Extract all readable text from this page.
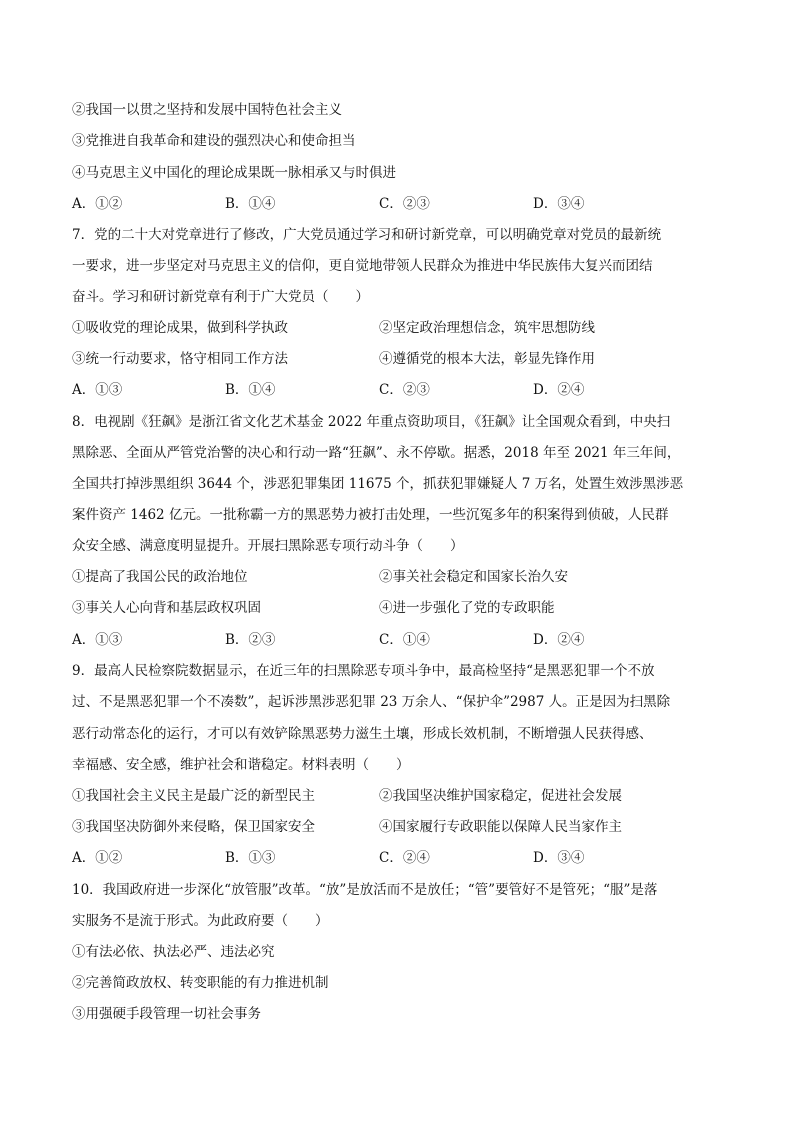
②我国一以贯之坚持和发展中国特色社会主义
③党推进自我革命和建设的强烈决心和使命担当
④马克思主义中国化的理论成果既一脉相承又与时俱进
A．①②	B．①④	C．②③	D．③④
7．党的二十大对党章进行了修改，广大党员通过学习和研讨新党章，可以明确党章对党员的最新统
一要求，进一步坚定对马克思主义的信仰，更自觉地带领人民群众为推进中华民族伟大复兴而团结
奋斗。学习和研讨新党章有利于广大党员（　　）
①吸收党的理论成果，做到科学执政	②坚定政治理想信念，筑牢思想防线
③统一行动要求，恪守相同工作方法	④遵循党的根本大法，彰显先锋作用
A．①③	B．①④	C．②③	D．②④
8．电视剧《狂飙》是浙江省文化艺术基金 2022 年重点资助项目，《狂飙》让全国观众看到，中央扫
黑除恶、全面从严管党治警的决心和行动一路“狂飙”、永不停歇。据悉，2018 年至 2021 年三年间，
全国共打掉涉黑组织 3644 个，涉恶犯罪集团 11675 个，抓获犯罪嫌疑人 7 万名，处置生效涉黑涉恶
案件资产 1462 亿元。一批称霸一方的黑恶势力被打击处理，一些沉冤多年的积案得到侦破，人民群
众安全感、满意度明显提升。开展扫黑除恶专项行动斗争（　　）
①提高了我国公民的政治地位	②事关社会稳定和国家长治久安
③事关人心向背和基层政权巩固	④进一步强化了党的专政职能
A．①③	B．②③	C．①④	D．②④
9．最高人民检察院数据显示，在近三年的扫黑除恶专项斗争中，最高检坚持“是黑恶犯罪一个不放
过、不是黑恶犯罪一个不凑数”，起诉涉黑涉恶犯罪 23 万余人、“保护伞”2987 人。正是因为扫黑除
恶行动常态化的运行，才可以有效铲除黑恶势力滋生土壤，形成长效机制，不断增强人民获得感、
幸福感、安全感，维护社会和谐稳定。材料表明（　　）
①我国社会主义民主是最广泛的新型民主	②我国坚决维护国家稳定，促进社会发展
③我国坚决防御外来侵略，保卫国家安全	④国家履行专政职能以保障人民当家作主
A．①②	B．①③	C．②④	D．③④
10．我国政府进一步深化“放管服”改革。“放”是放活而不是放任；“管”要管好不是管死；“服”是落
实服务不是流于形式。为此政府要（　　）
①有法必依、执法必严、违法必究
②完善简政放权、转变职能的有力推进机制
③用强硬手段管理一切社会事务
